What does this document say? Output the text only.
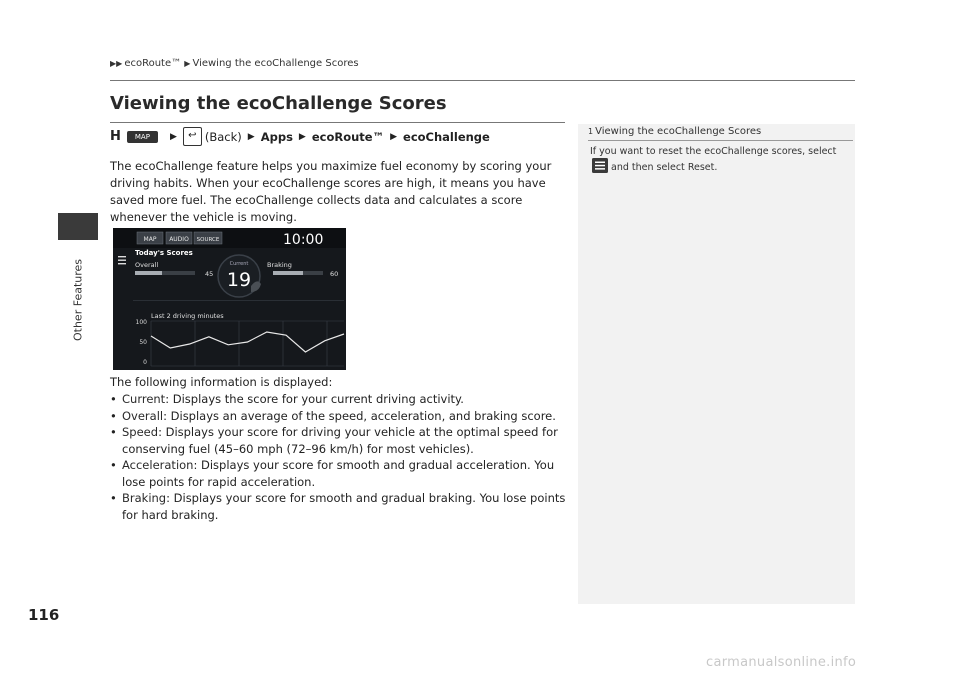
Other Features
▶▶ ecoRoute™ ▶ Viewing the ecoChallenge Scores
Viewing the ecoChallenge Scores
H	MAP	▶	↩ (Back) ▶ Apps ▶ ecoRoute™ ▶ ecoChallenge
The ecoChallenge feature helps you maximize fuel economy by scoring your driving habits. When your ecoChallenge scores are high, it means you have saved more fuel. The ecoChallenge collects data and calculates a score whenever the vehicle is moving.
MAP AUDIO SOURCE	10:00
Today's Scores
Overall
45
Current
19
Braking
60
Last 2 driving minutes
100
50
0
The following information is displayed:
• Current: Displays the score for your current driving activity.
• Overall: Displays an average of the speed, acceleration, and braking score.
• Speed: Displays your score for driving your vehicle at the optimal speed for conserving fuel (45–60 mph (72–96 km/h) for most vehicles).
• Acceleration: Displays your score for smooth and gradual acceleration. You lose points for rapid acceleration.
• Braking: Displays your score for smooth and gradual braking. You lose points for hard braking.
1 Viewing the ecoChallenge Scores
If you want to reset the ecoChallenge scores, select  and then select Reset.
116
carmanualsonline.info
